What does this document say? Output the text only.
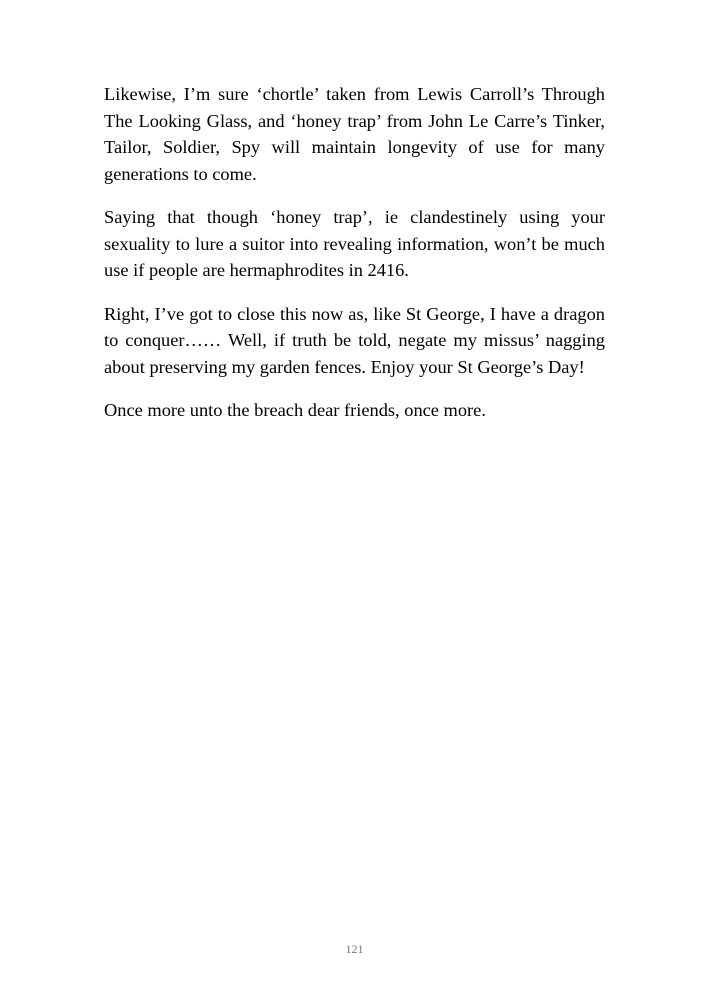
Likewise, I’m sure ‘chortle’ taken from Lewis Carroll’s Through The Looking Glass, and ‘honey trap’ from John Le Carre’s Tinker, Tailor, Soldier, Spy will maintain longevity of use for many generations to come.

Saying that though ‘honey trap’, ie clandestinely using your sexuality to lure a suitor into revealing information, won’t be much use if people are hermaphrodites in 2416.

Right, I’ve got to close this now as, like St George, I have a dragon to conquer…… Well, if truth be told, negate my missus’ nagging about preserving my garden fences. Enjoy your St George’s Day!

Once more unto the breach dear friends, once more.

121
